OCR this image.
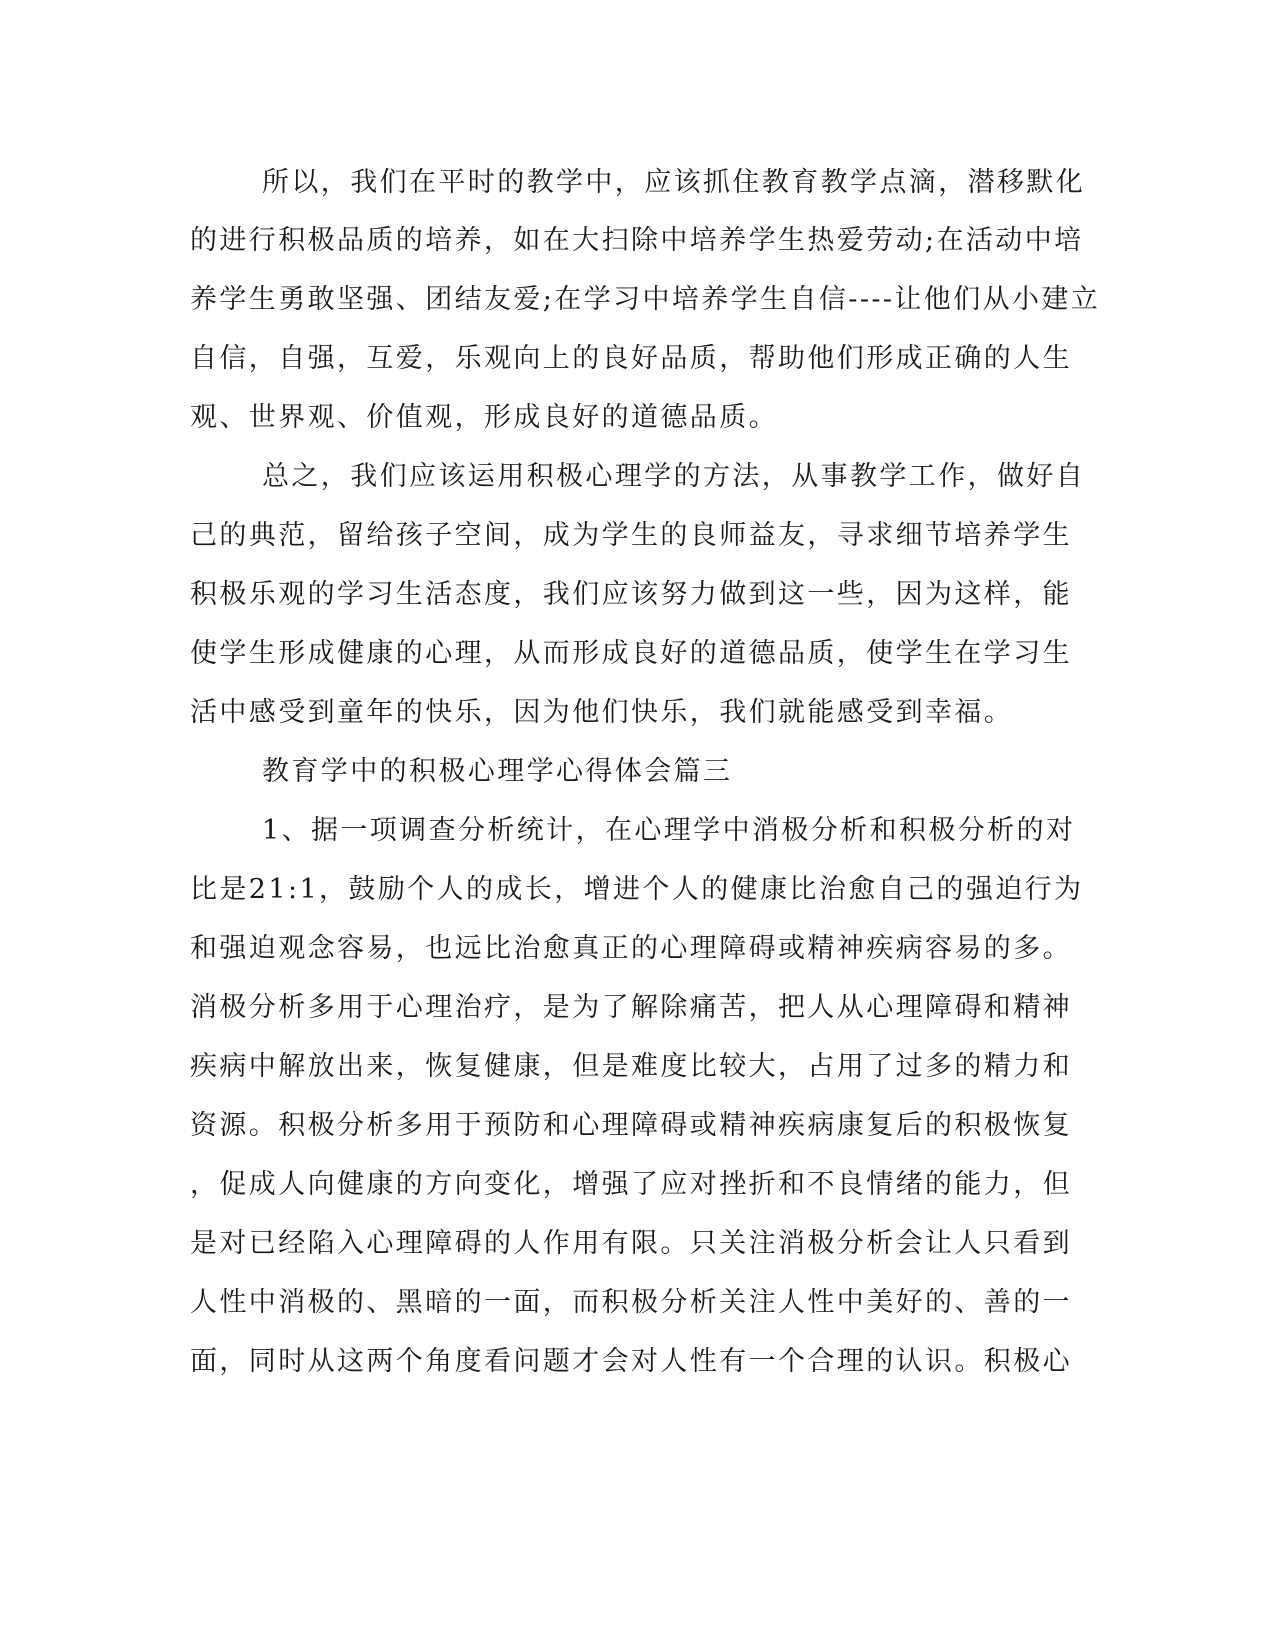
所以，我们在平时的教学中，应该抓住教育教学点滴，潜移默化
的进行积极品质的培养，如在大扫除中培养学生热爱劳动;在活动中培
养学生勇敢坚强、团结友爱;在学习中培养学生自信----让他们从小建立
自信，自强，互爱，乐观向上的良好品质，帮助他们形成正确的人生
观、世界观、价值观，形成良好的道德品质。
总之，我们应该运用积极心理学的方法，从事教学工作，做好自
己的典范，留给孩子空间，成为学生的良师益友，寻求细节培养学生
积极乐观的学习生活态度，我们应该努力做到这一些，因为这样，能
使学生形成健康的心理，从而形成良好的道德品质，使学生在学习生
活中感受到童年的快乐，因为他们快乐，我们就能感受到幸福。
教育学中的积极心理学心得体会篇三
1、据一项调查分析统计，在心理学中消极分析和积极分析的对
比是21:1，鼓励个人的成长，增进个人的健康比治愈自己的强迫行为
和强迫观念容易，也远比治愈真正的心理障碍或精神疾病容易的多。
消极分析多用于心理治疗，是为了解除痛苦，把人从心理障碍和精神
疾病中解放出来，恢复健康，但是难度比较大，占用了过多的精力和
资源。积极分析多用于预防和心理障碍或精神疾病康复后的积极恢复
，促成人向健康的方向变化，增强了应对挫折和不良情绪的能力，但
是对已经陷入心理障碍的人作用有限。只关注消极分析会让人只看到
人性中消极的、黑暗的一面，而积极分析关注人性中美好的、善的一
面，同时从这两个角度看问题才会对人性有一个合理的认识。积极心
